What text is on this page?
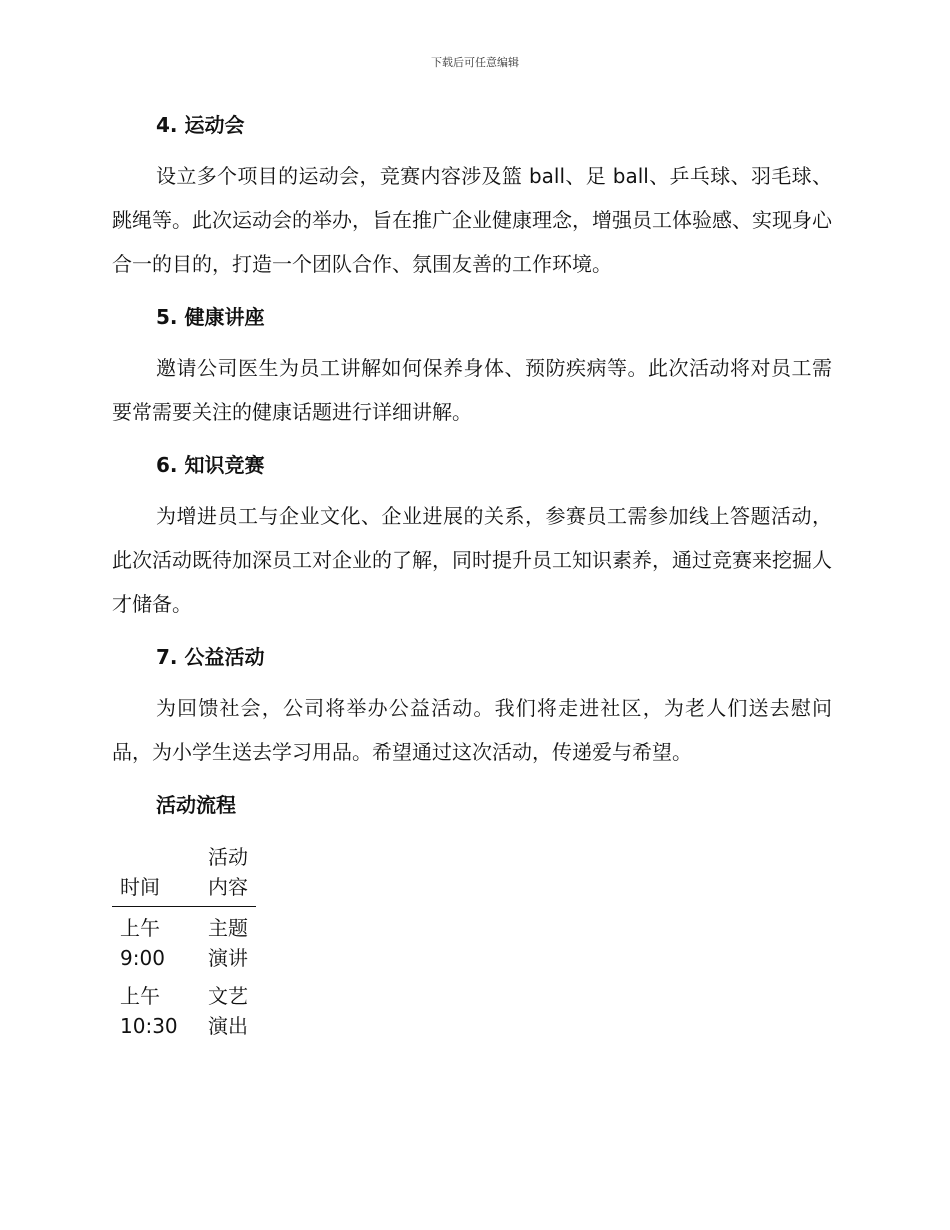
下载后可任意编辑
4. 运动会

设立多个项目的运动会，竞赛内容涉及篮 ball、足 ball、乒乓球、羽毛球、跳绳等。此次运动会的举办，旨在推广企业健康理念，增强员工体验感、实现身心合一的目的，打造一个团队合作、氛围友善的工作环境。

5. 健康讲座

邀请公司医生为员工讲解如何保养身体、预防疾病等。此次活动将对员工需要常需要关注的健康话题进行详细讲解。

6. 知识竞赛

为增进员工与企业文化、企业进展的关系，参赛员工需参加线上答题活动，此次活动既待加深员工对企业的了解，同时提升员工知识素养，通过竞赛来挖掘人才储备。

7. 公益活动

为回馈社会，公司将举办公益活动。我们将走进社区，为老人们送去慰问品，为小学生送去学习用品。希望通过这次活动，传递爱与希望。

活动流程
时间	活动内容
上午 9:00	主题演讲
上午 10:30	文艺演出
